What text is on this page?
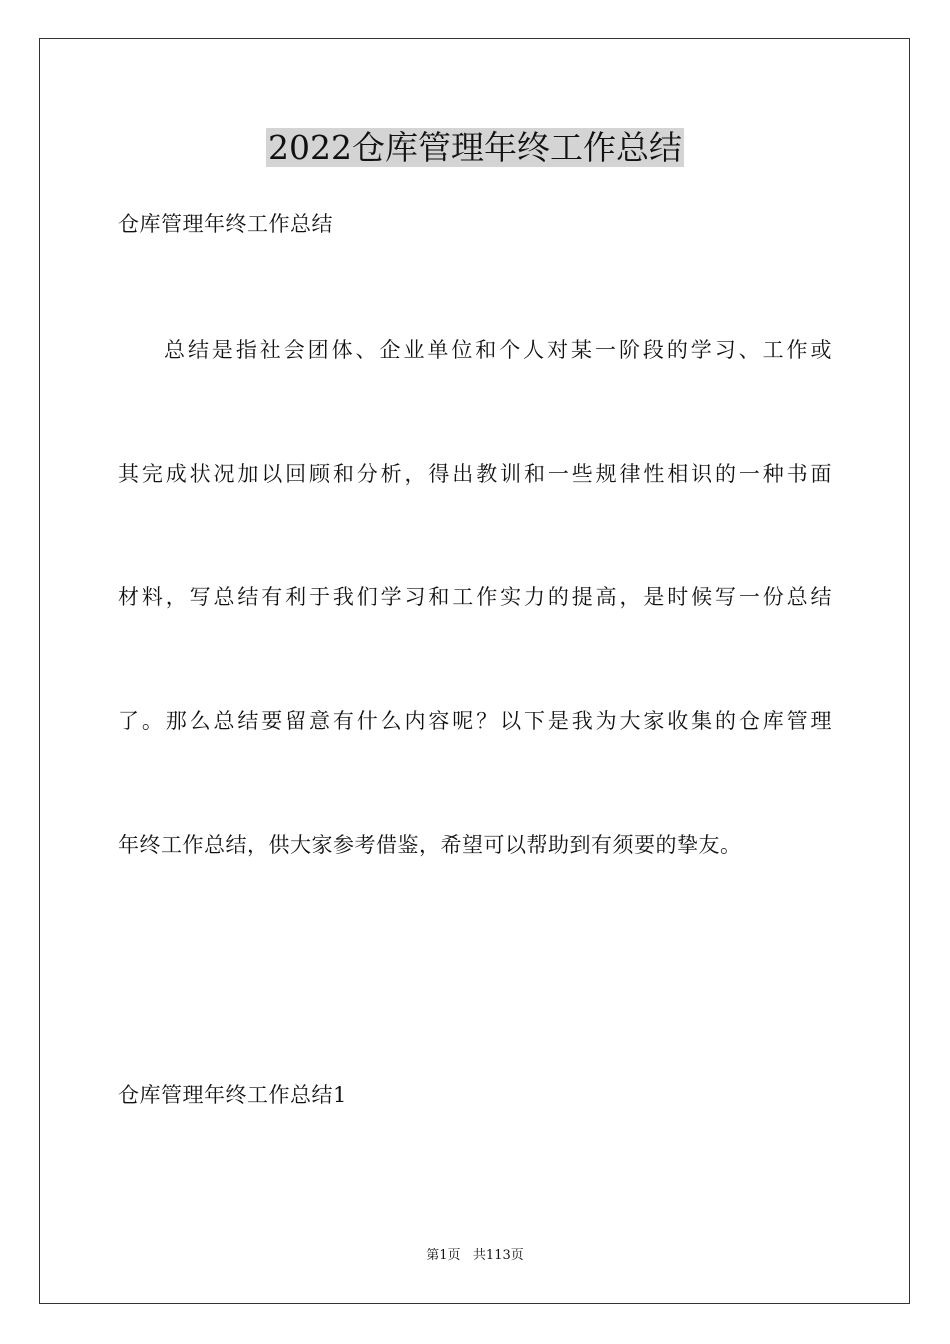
2022仓库管理年终工作总结
仓库管理年终工作总结
总结是指社会团体、企业单位和个人对某一阶段的学习、工作或
其完成状况加以回顾和分析，得出教训和一些规律性相识的一种书面
材料，写总结有利于我们学习和工作实力的提高，是时候写一份总结
了。那么总结要留意有什么内容呢？以下是我为大家收集的仓库管理
年终工作总结，供大家参考借鉴，希望可以帮助到有须要的挚友。
仓库管理年终工作总结1
第1页   共113页
